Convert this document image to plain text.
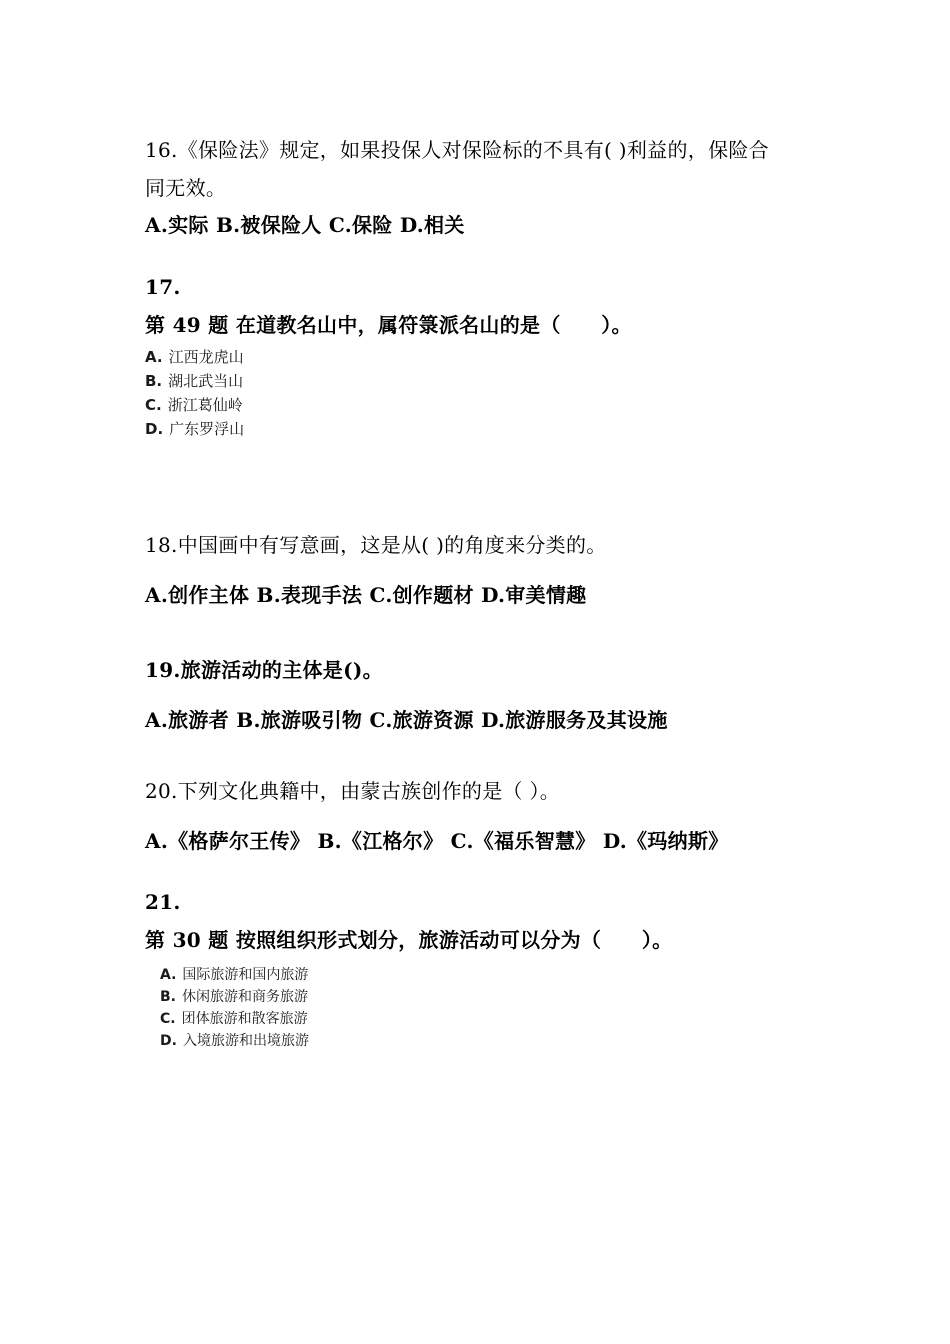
16.《保险法》规定，如果投保人对保险标的不具有( )利益的，保险合
同无效。
A.实际 B.被保险人 C.保险 D.相关
17.
第 49 题 在道教名山中，属符箓派名山的是（　　）。
A. 江西龙虎山
B. 湖北武当山
C. 浙江葛仙岭
D. 广东罗浮山
18.中国画中有写意画，这是从( )的角度来分类的。
A.创作主体 B.表现手法 C.创作题材 D.审美情趣
19.旅游活动的主体是()。
A.旅游者 B.旅游吸引物 C.旅游资源 D.旅游服务及其设施
20.下列文化典籍中，由蒙古族创作的是（ ）。
A.《格萨尔王传》 B.《江格尔》 C.《福乐智慧》 D.《玛纳斯》
21.
第 30 题 按照组织形式划分，旅游活动可以分为（　　）。
A. 国际旅游和国内旅游
B. 休闲旅游和商务旅游
C. 团体旅游和散客旅游
D. 入境旅游和出境旅游
